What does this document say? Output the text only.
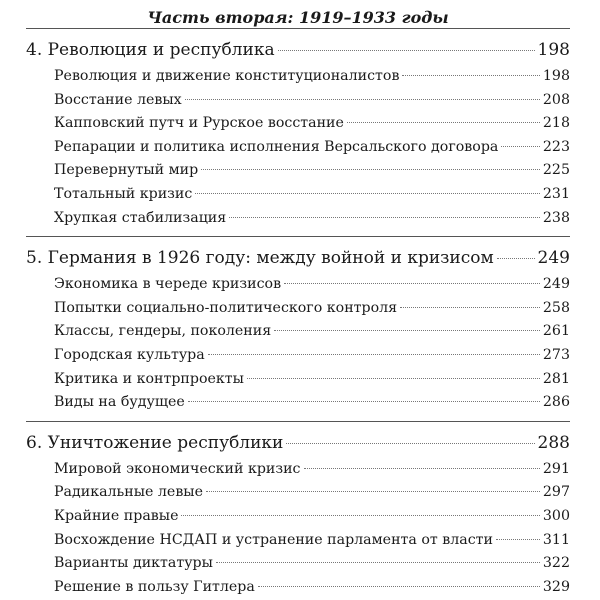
Часть вторая: 1919–1933 годы
4. Революция и республика	198
Революция и движение конституционалистов	198
Восстание левых	208
Капповский путч и Рурское восстание	218
Репарации и политика исполнения Версальского договора	223
Перевернутый мир	225
Тотальный кризис	231
Хрупкая стабилизация	238
5. Германия в 1926 году: между войной и кризисом	249
Экономика в череде кризисов	249
Попытки социально-политического контроля	258
Классы, гендеры, поколения	261
Городская культура	273
Критика и контрпроекты	281
Виды на будущее	286
6. Уничтожение республики	288
Мировой экономический кризис	291
Радикальные левые	297
Крайние правые	300
Восхождение НСДАП и устранение парламента от власти	311
Варианты диктатуры	322
Решение в пользу Гитлера	329
